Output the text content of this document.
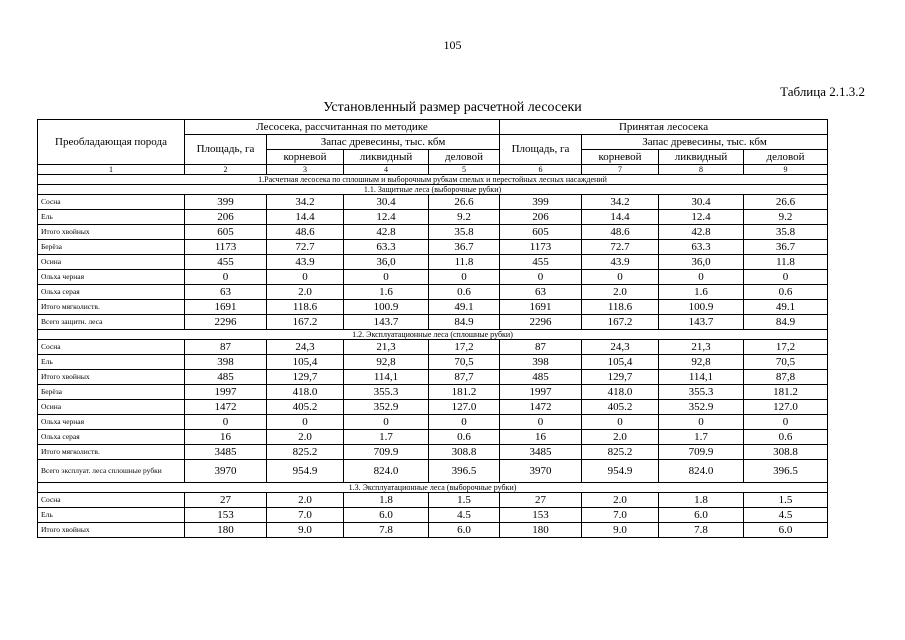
105
Таблица 2.1.3.2
Установленный размер расчетной лесосеки
Преобладающая порода	Лесосека, рассчитанная по методике				Принятая лесосека			
	Площадь, га	Запас древесины, тыс. кбм			Площадь, га	Запас древесины, тыс. кбм		
		корневой	ликвидный	деловой		корневой	ликвидный	деловой
1	2	3	4	5	6	7	8	9
1.Расчетная лесосека по сплошным и выборочным рубкам спелых и перестойных лесных насаждений								
1.1. Защитные леса (выборочные рубки)								
Сосна	399	34.2	30.4	26.6	399	34.2	30.4	26.6
Ель	206	14.4	12.4	9.2	206	14.4	12.4	9.2
Итого хвойных	605	48.6	42.8	35.8	605	48.6	42.8	35.8
Берёза	1173	72.7	63.3	36.7	1173	72.7	63.3	36.7
Осина	455	43.9	36,0	11.8	455	43.9	36,0	11.8
Ольха черная	0	0	0	0	0	0	0	0
Ольха серая	63	2.0	1.6	0.6	63	2.0	1.6	0.6
Итого мягколиств.	1691	118.6	100.9	49.1	1691	118.6	100.9	49.1
Всего защитн. леса	2296	167.2	143.7	84.9	2296	167.2	143.7	84.9
1.2. Эксплуатационные леса (сплошные рубки)								
Сосна	87	24,3	21,3	17,2	87	24,3	21,3	17,2
Ель	398	105,4	92,8	70,5	398	105,4	92,8	70,5
Итого хвойных	485	129,7	114,1	87,7	485	129,7	114,1	87,8
Берёза	1997	418.0	355.3	181.2	1997	418.0	355.3	181.2
Осина	1472	405.2	352.9	127.0	1472	405.2	352.9	127.0
Ольха черная	0	0	0	0	0	0	0	0
Ольха серая	16	2.0	1.7	0.6	16	2.0	1.7	0.6
Итого мягколиств.	3485	825.2	709.9	308.8	3485	825.2	709.9	308.8
Всего эксплуат. леса сплошные рубки	3970	954.9	824.0	396.5	3970	954.9	824.0	396.5
1.3. Эксплуатационные леса (выборочные рубки)								
Сосна	27	2.0	1.8	1.5	27	2.0	1.8	1.5
Ель	153	7.0	6.0	4.5	153	7.0	6.0	4.5
Итого хвойных	180	9.0	7.8	6.0	180	9.0	7.8	6.0
